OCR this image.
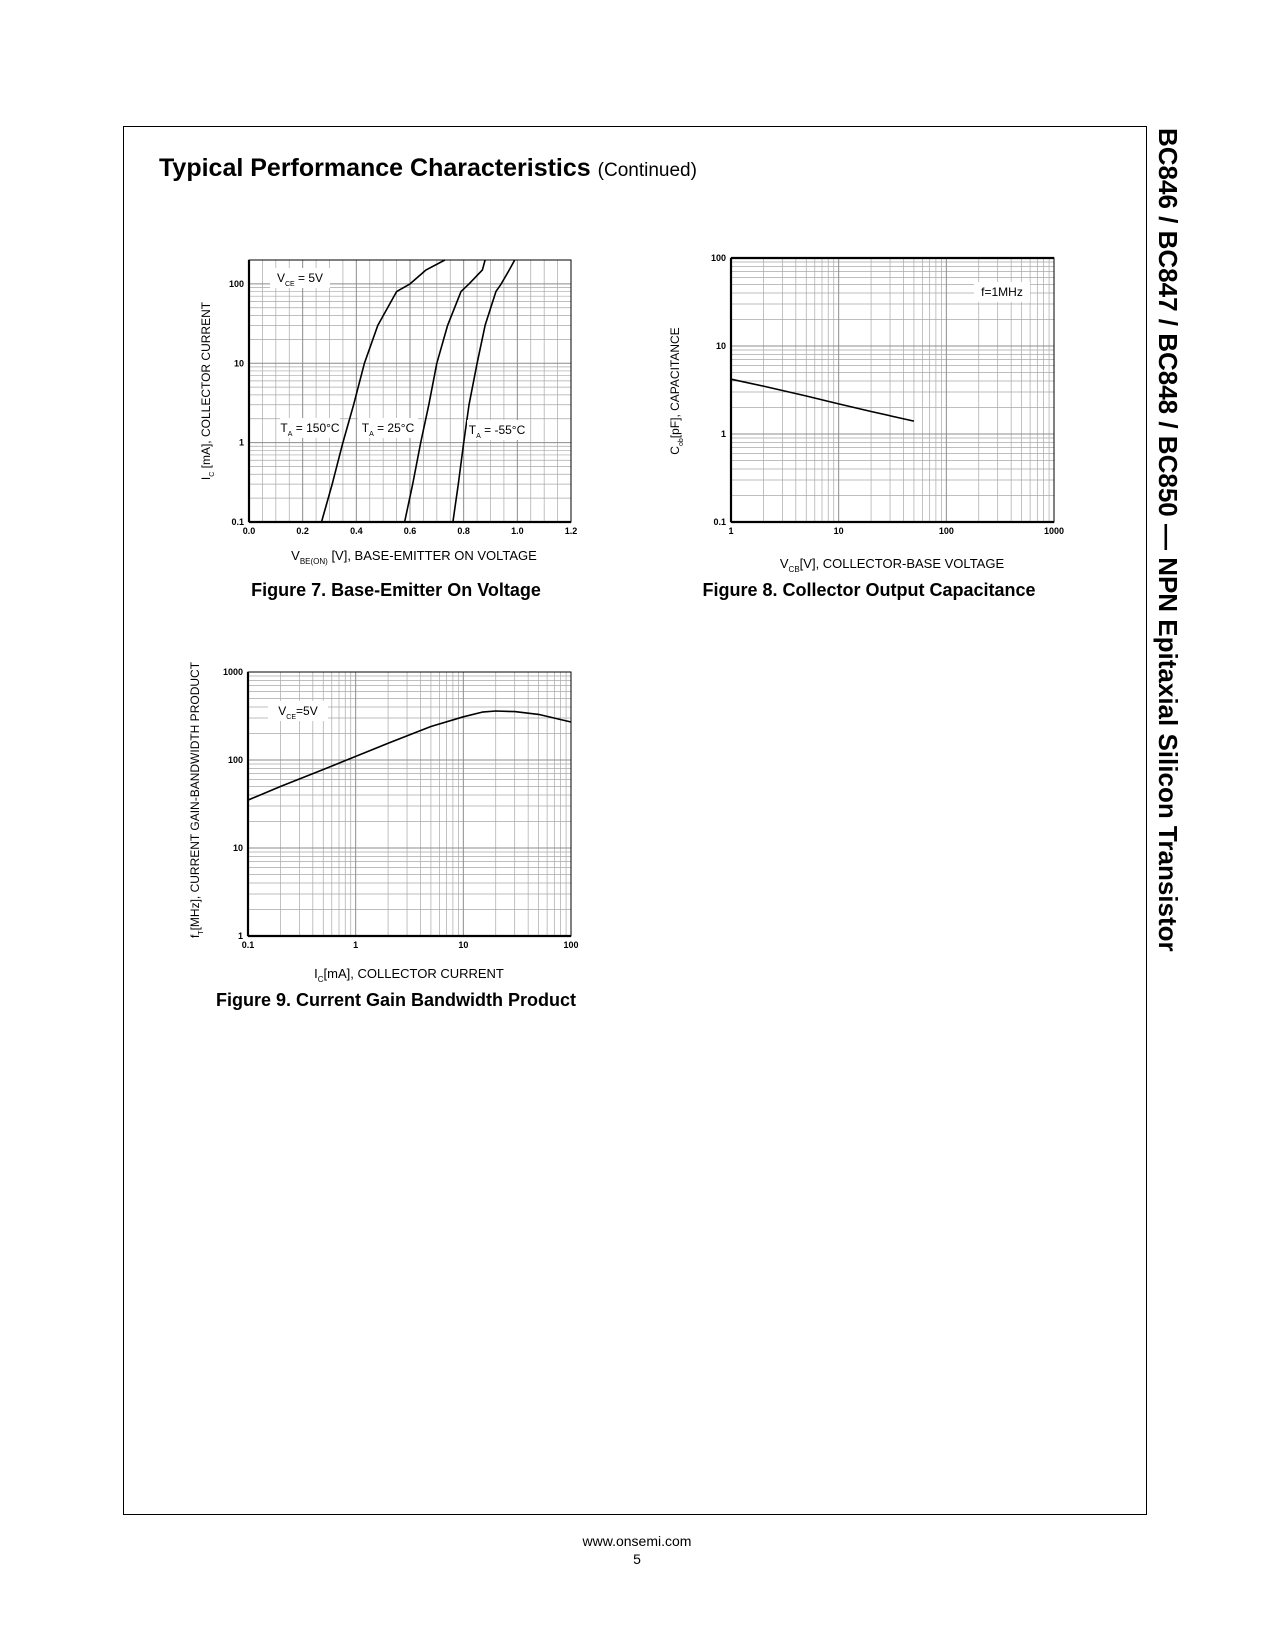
Typical Performance Characteristics (Continued)	BC846 / BC847 / BC848 / BC850 — NPN Epitaxial Silicon Transistor
0.0	0.2	0.4	0.6	0.8	1.0	1.2
0.1
1
10
100
$V_{BE(ON)}$ [V], BASE-EMITTER ON VOLTAGE
$I_C$ [mA], COLLECTOR CURRENT
$V_{CE} = 5V$
$T_A = 150^\circ C$ $T_A = 25^\circ C$	$T_A = -55^\circ C$
1	10	100	1000
0.1
1
10
100
$V_{CB}[V]$, COLLECTOR-BASE VOLTAGE
$C_{ob}[pF]$, CAPACITANCE
f=1MHz
0.1	1	10	100
1
10
100
1000
$I_C[mA]$, COLLECTOR CURRENT
$f_T[MHz]$, CURRENT GAIN-BANDWIDTH PRODUCT	$V_{CE}=5V$
Figure 7. Base-Emitter On Voltage	Figure 8. Collector Output Capacitance
Figure 9. Current Gain Bandwidth Product
www.onsemi.com
5
